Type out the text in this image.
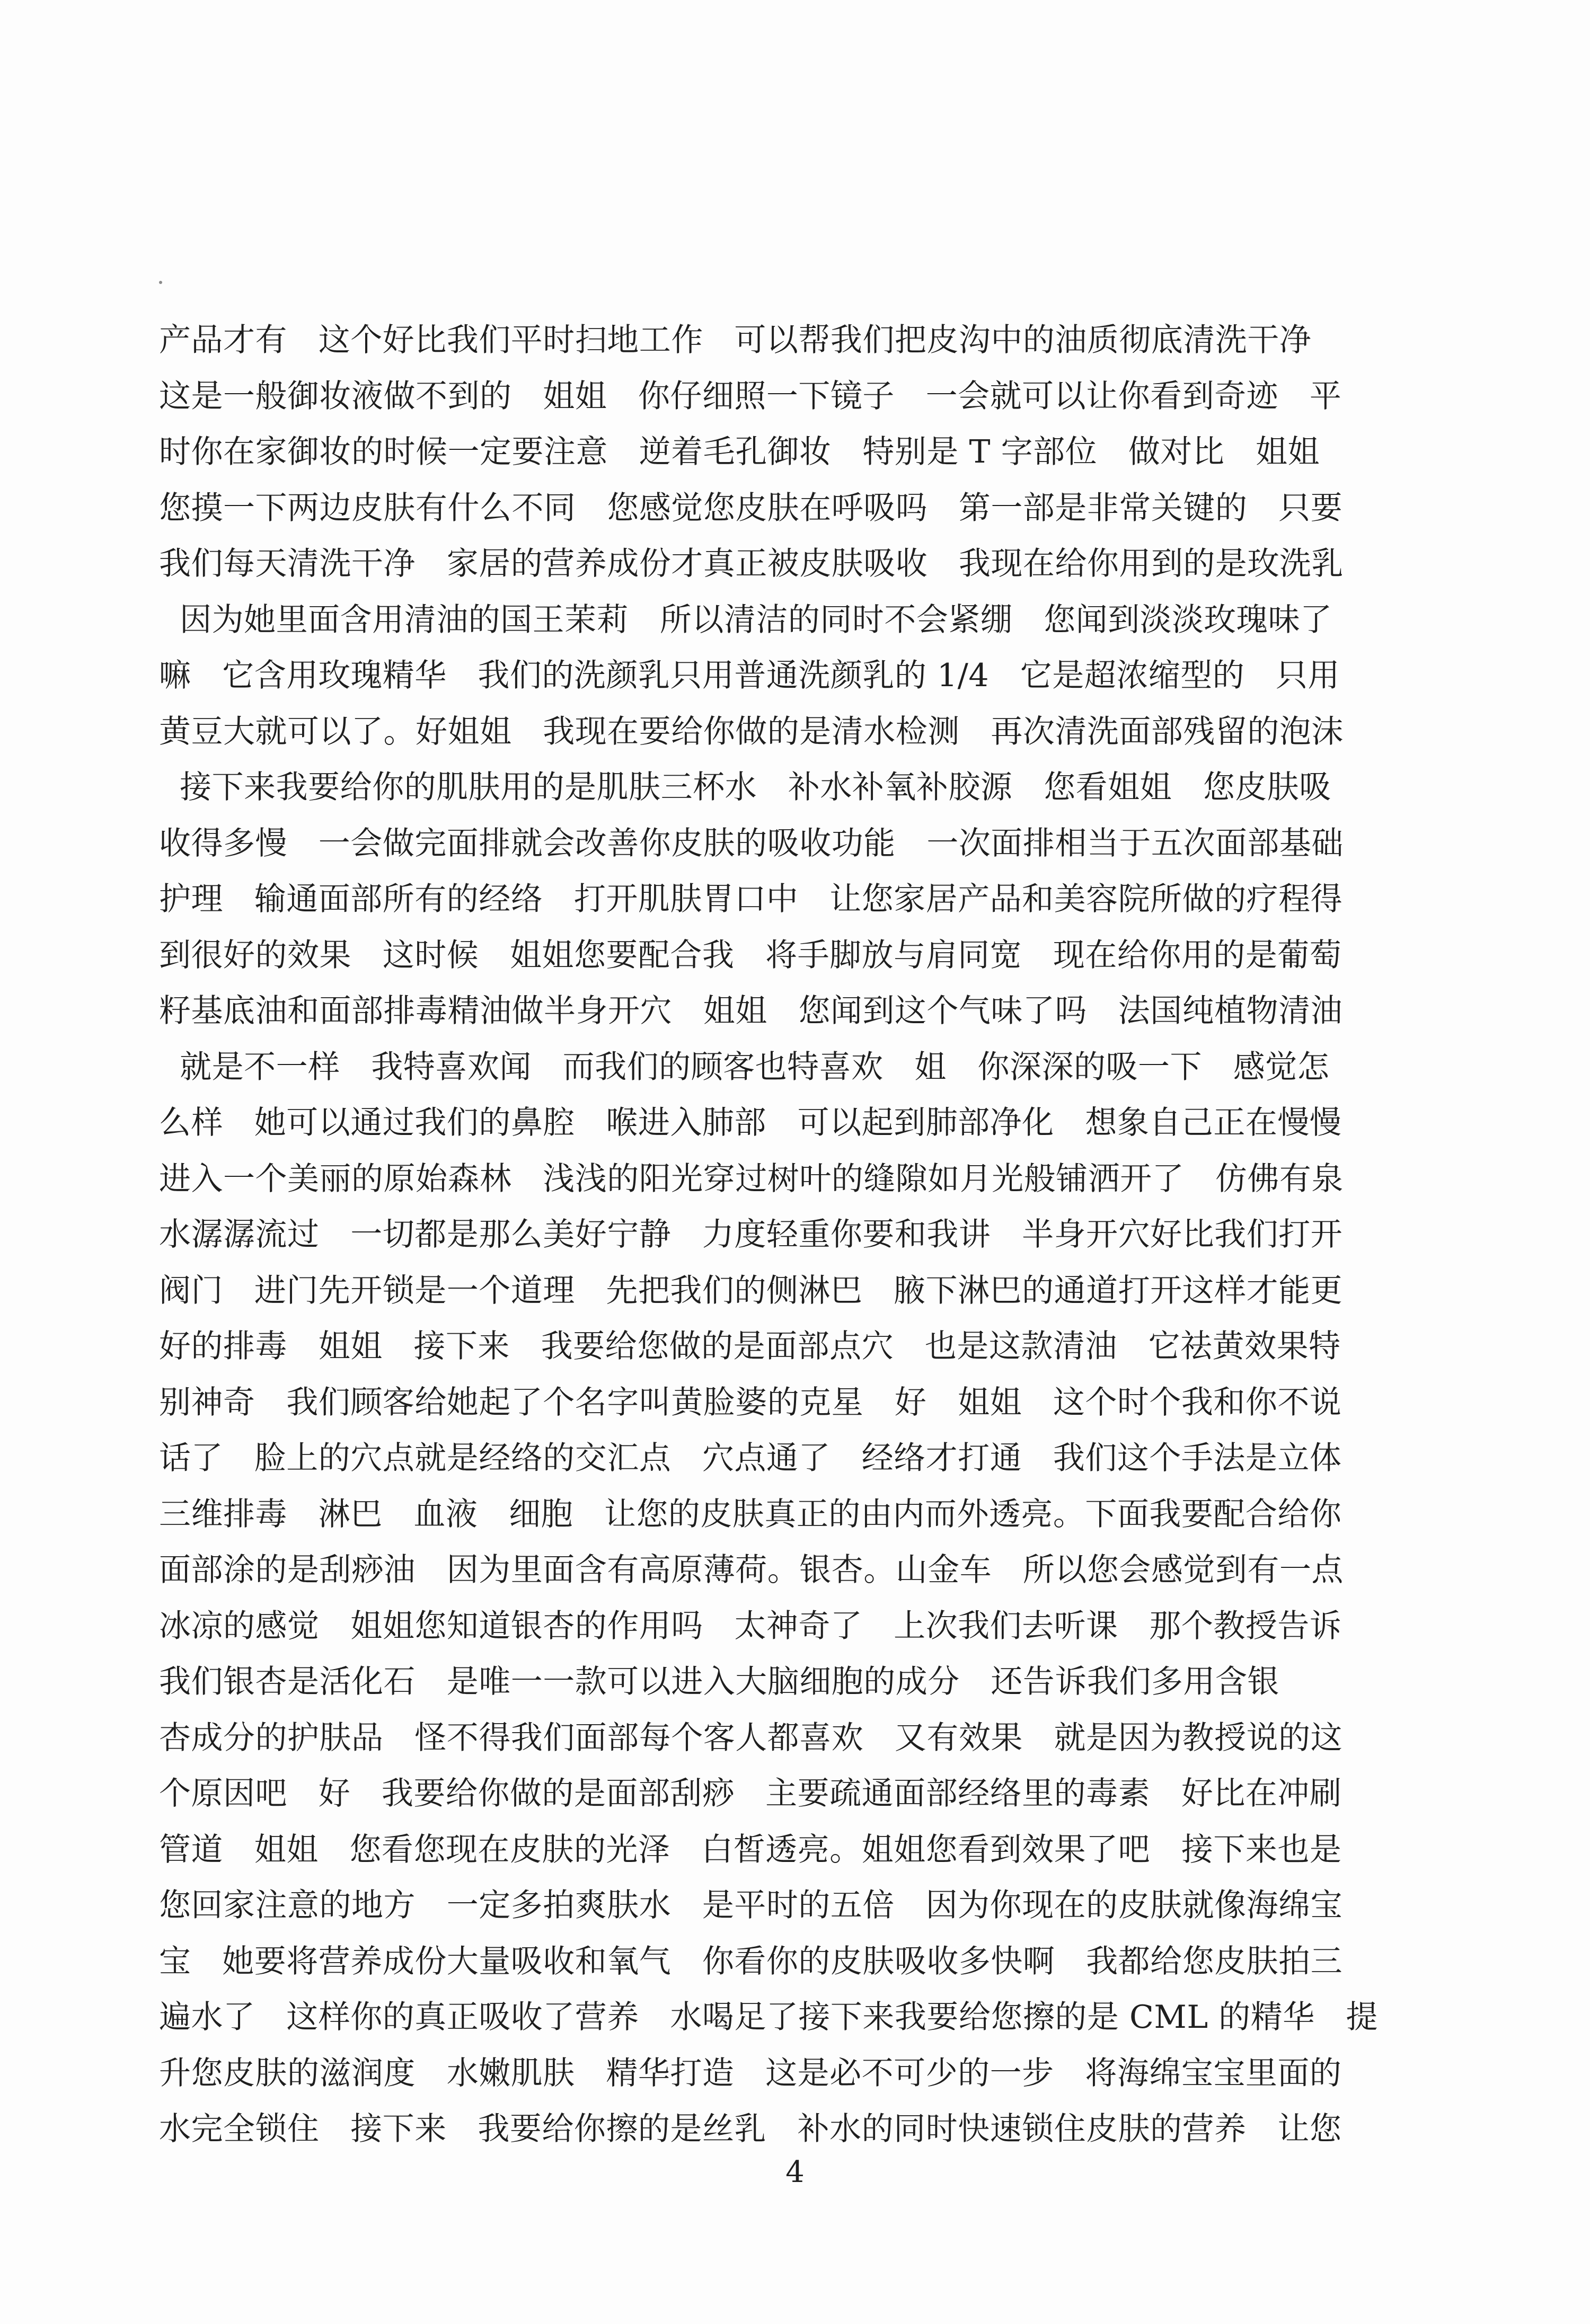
产品才有   这个好比我们平时扫地工作   可以帮我们把皮沟中的油质彻底清洗干净
这是一般御妆液做不到的   姐姐   你仔细照一下镜子   一会就可以让你看到奇迹   平
时你在家御妆的时候一定要注意   逆着毛孔御妆   特别是 T 字部位   做对比   姐姐
您摸一下两边皮肤有什么不同   您感觉您皮肤在呼吸吗   第一部是非常关键的   只要
我们每天清洗干净   家居的营养成份才真正被皮肤吸收   我现在给你用到的是玫洗乳
因为她里面含用清油的国王茉莉   所以清洁的同时不会紧绷   您闻到淡淡玫瑰味了
嘛   它含用玫瑰精华   我们的洗颜乳只用普通洗颜乳的 1/4   它是超浓缩型的   只用
黄豆大就可以了。好姐姐   我现在要给你做的是清水检测   再次清洗面部残留的泡沫
接下来我要给你的肌肤用的是肌肤三杯水   补水补氧补胶源   您看姐姐   您皮肤吸
收得多慢   一会做完面排就会改善你皮肤的吸收功能   一次面排相当于五次面部基础
护理   输通面部所有的经络   打开肌肤胃口中   让您家居产品和美容院所做的疗程得
到很好的效果   这时候   姐姐您要配合我   将手脚放与肩同宽   现在给你用的是葡萄
籽基底油和面部排毒精油做半身开穴   姐姐   您闻到这个气味了吗   法国纯植物清油
就是不一样   我特喜欢闻   而我们的顾客也特喜欢   姐   你深深的吸一下   感觉怎
么样   她可以通过我们的鼻腔   喉进入肺部   可以起到肺部净化   想象自己正在慢慢
进入一个美丽的原始森林   浅浅的阳光穿过树叶的缝隙如月光般铺洒开了   仿佛有泉
水潺潺流过   一切都是那么美好宁静   力度轻重你要和我讲   半身开穴好比我们打开
阀门   进门先开锁是一个道理   先把我们的侧淋巴   腋下淋巴的通道打开这样才能更
好的排毒   姐姐   接下来   我要给您做的是面部点穴   也是这款清油   它祛黄效果特
别神奇   我们顾客给她起了个名字叫黄脸婆的克星   好   姐姐   这个时个我和你不说
话了   脸上的穴点就是经络的交汇点   穴点通了   经络才打通   我们这个手法是立体
三维排毒   淋巴   血液   细胞   让您的皮肤真正的由内而外透亮。下面我要配合给你
面部涂的是刮痧油   因为里面含有高原薄荷。银杏。山金车   所以您会感觉到有一点
冰凉的感觉   姐姐您知道银杏的作用吗   太神奇了   上次我们去听课   那个教授告诉
我们银杏是活化石   是唯一一款可以进入大脑细胞的成分   还告诉我们多用含银
杏成分的护肤品   怪不得我们面部每个客人都喜欢   又有效果   就是因为教授说的这
个原因吧   好   我要给你做的是面部刮痧   主要疏通面部经络里的毒素   好比在冲刷
管道   姐姐   您看您现在皮肤的光泽   白皙透亮。姐姐您看到效果了吧   接下来也是
您回家注意的地方   一定多拍爽肤水   是平时的五倍   因为你现在的皮肤就像海绵宝
宝   她要将营养成份大量吸收和氧气   你看你的皮肤吸收多快啊   我都给您皮肤拍三
遍水了   这样你的真正吸收了营养   水喝足了接下来我要给您擦的是 CML 的精华   提
升您皮肤的滋润度   水嫩肌肤   精华打造   这是必不可少的一步   将海绵宝宝里面的
水完全锁住   接下来   我要给你擦的是丝乳   补水的同时快速锁住皮肤的营养   让您
4
